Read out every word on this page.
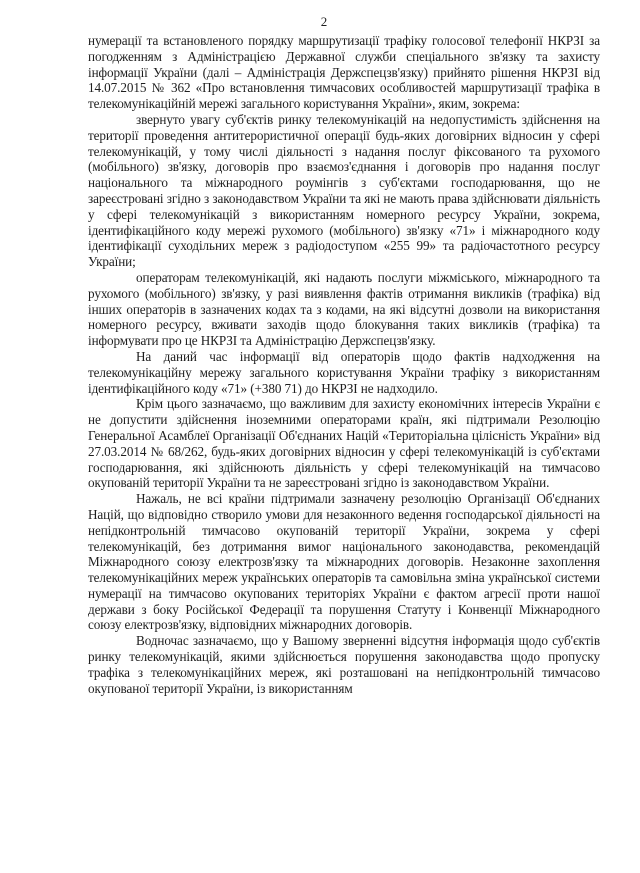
2

нумерації та встановленого порядку маршрутизації трафіку голосової телефонії НКРЗІ за погодженням з Адміністрацією Державної служби спеціального зв'язку та захисту інформації України (далі – Адміністрація Держспецзв'язку) прийнято рішення НКРЗІ від 14.07.2015 № 362 «Про встановлення тимчасових особливостей маршрутизації трафіка в телекомунікаційній мережі загального користування України», яким, зокрема:

звернуто увагу суб'єктів ринку телекомунікацій на недопустимість здійснення на території проведення антитерористичної операції будь-яких договірних відносин у сфері телекомунікацій, у тому числі діяльності з надання послуг фіксованого та рухомого (мобільного) зв'язку, договорів про взаємоз'єднання і договорів про надання послуг національного та міжнародного роумінгів з суб'єктами господарювання, що не зареєстровані згідно з законодавством України та які не мають права здійснювати діяльність у сфері телекомунікацій з використанням номерного ресурсу України, зокрема, ідентифікаційного коду мережі рухомого (мобільного) зв'язку «71» і міжнародного коду ідентифікації суходільних мереж з радіодоступом «255 99» та радіочастотного ресурсу України;

операторам телекомунікацій, які надають послуги міжміського, міжнародного та рухомого (мобільного) зв'язку, у разі виявлення фактів отримання викликів (трафіка) від інших операторів в зазначених кодах та з кодами, на які відсутні дозволи на використання номерного ресурсу, вживати заходів щодо блокування таких викликів (трафіка) та інформувати про це НКРЗІ та Адміністрацію Держспецзв'язку.

На даний час інформації від операторів щодо фактів надходження на телекомунікаційну мережу загального користування України трафіку з використанням ідентифікаційного коду «71» (+380 71) до НКРЗІ не надходило.

Крім цього зазначаємо, що важливим для захисту економічних інтересів України є не допустити здійснення іноземними операторами країн, які підтримали Резолюцію Генеральної Асамблеї Організації Об'єднаних Націй «Територіальна цілісність України» від 27.03.2014 № 68/262, будь-яких договірних відносин у сфері телекомунікацій із суб'єктами господарювання, які здійснюють діяльність у сфері телекомунікацій на тимчасово окупованій території України та не зареєстровані згідно із законодавством України.

Нажаль, не всі країни підтримали зазначену резолюцію Організації Об'єднаних Націй, що відповідно створило умови для незаконного ведення господарської діяльності на непідконтрольній тимчасово окупованій території України, зокрема у сфері телекомунікацій, без дотримання вимог національного законодавства, рекомендацій Міжнародного союзу електрозв'язку та міжнародних договорів. Незаконне захоплення телекомунікаційних мереж українських операторів та самовільна зміна української системи нумерації на тимчасово окупованих територіях України є фактом агресії проти нашої держави з боку Російської Федерації та порушення Статуту і Конвенції Міжнародного союзу електрозв'язку, відповідних міжнародних договорів.

Водночас зазначаємо, що у Вашому зверненні відсутня інформація щодо суб'єктів ринку телекомунікацій, якими здійснюється порушення законодавства щодо пропуску трафіка з телекомунікаційних мереж, які розташовані на непідконтрольній тимчасово окупованої території України, із використанням
